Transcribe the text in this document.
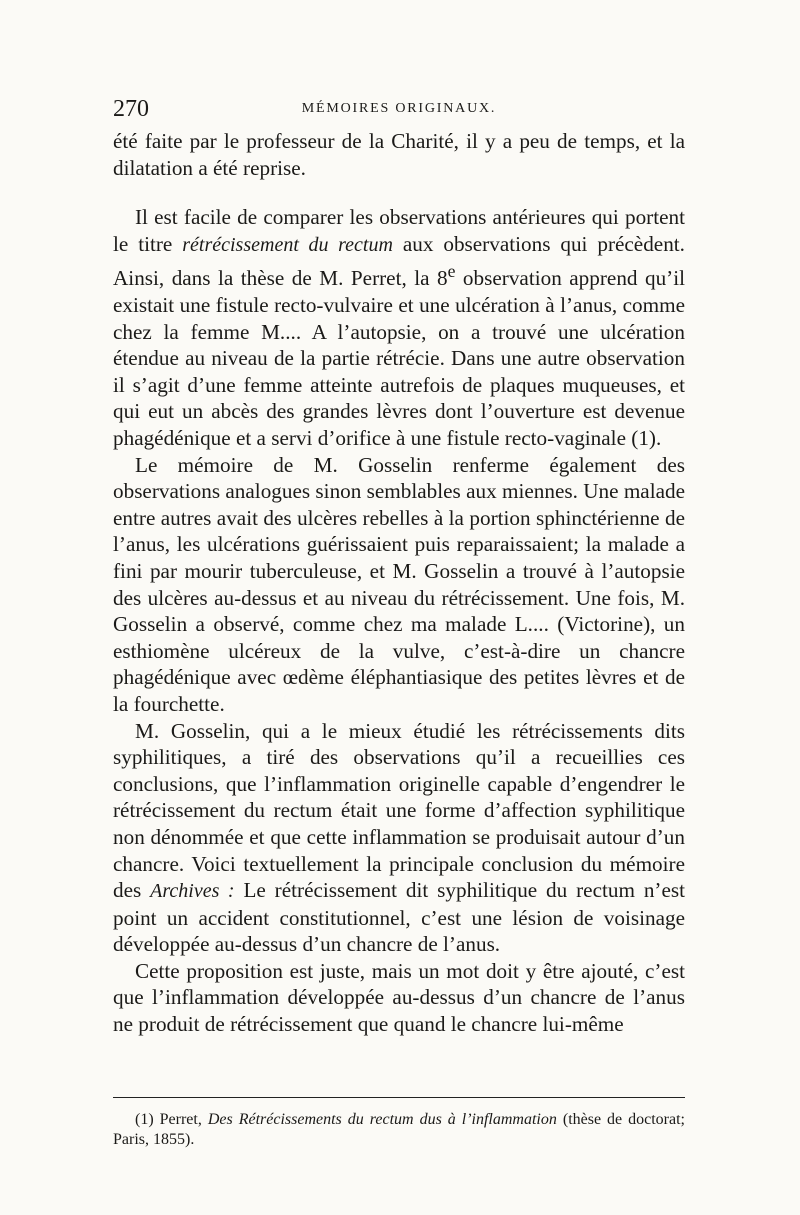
270	MÉMOIRES ORIGINAUX.

été faite par le professeur de la Charité, il y a peu de temps, et la dilatation a été reprise.

Il est facile de comparer les observations antérieures qui portent le titre rétrécissement du rectum aux observations qui précèdent. Ainsi, dans la thèse de M. Perret, la 8e observation apprend qu’il existait une fistule recto-vulvaire et une ulcération à l’anus, comme chez la femme M.... A l’autopsie, on a trouvé une ulcération étendue au niveau de la partie rétrécie. Dans une autre observation il s’agit d’une femme atteinte autrefois de plaques muqueuses, et qui eut un abcès des grandes lèvres dont l’ouverture est devenue phagédénique et a servi d’orifice à une fistule recto-vaginale (1).

Le mémoire de M. Gosselin renferme également des observations analogues sinon semblables aux miennes. Une malade entre autres avait des ulcères rebelles à la portion sphinctérienne de l’anus, les ulcérations guérissaient puis reparaissaient; la malade a fini par mourir tuberculeuse, et M. Gosselin a trouvé à l’autopsie des ulcères au-dessus et au niveau du rétrécissement. Une fois, M. Gosselin a observé, comme chez ma malade L.... (Victorine), un esthiomène ulcéreux de la vulve, c’est-à-dire un chancre phagédénique avec œdème éléphantiasique des petites lèvres et de la fourchette.

M. Gosselin, qui a le mieux étudié les rétrécissements dits syphilitiques, a tiré des observations qu’il a recueillies ces conclusions, que l’inflammation originelle capable d’engendrer le rétrécissement du rectum était une forme d’affection syphilitique non dénommée et que cette inflammation se produisait autour d’un chancre. Voici textuellement la principale conclusion du mémoire des Archives : Le rétrécissement dit syphilitique du rectum n’est point un accident constitutionnel, c’est une lésion de voisinage développée au-dessus d’un chancre de l’anus.

Cette proposition est juste, mais un mot doit y être ajouté, c’est que l’inflammation développée au-dessus d’un chancre de l’anus ne produit de rétrécissement que quand le chancre lui-même

(1) Perret, Des Rétrécissements du rectum dus à l’inflammation (thèse de doctorat; Paris, 1855).
